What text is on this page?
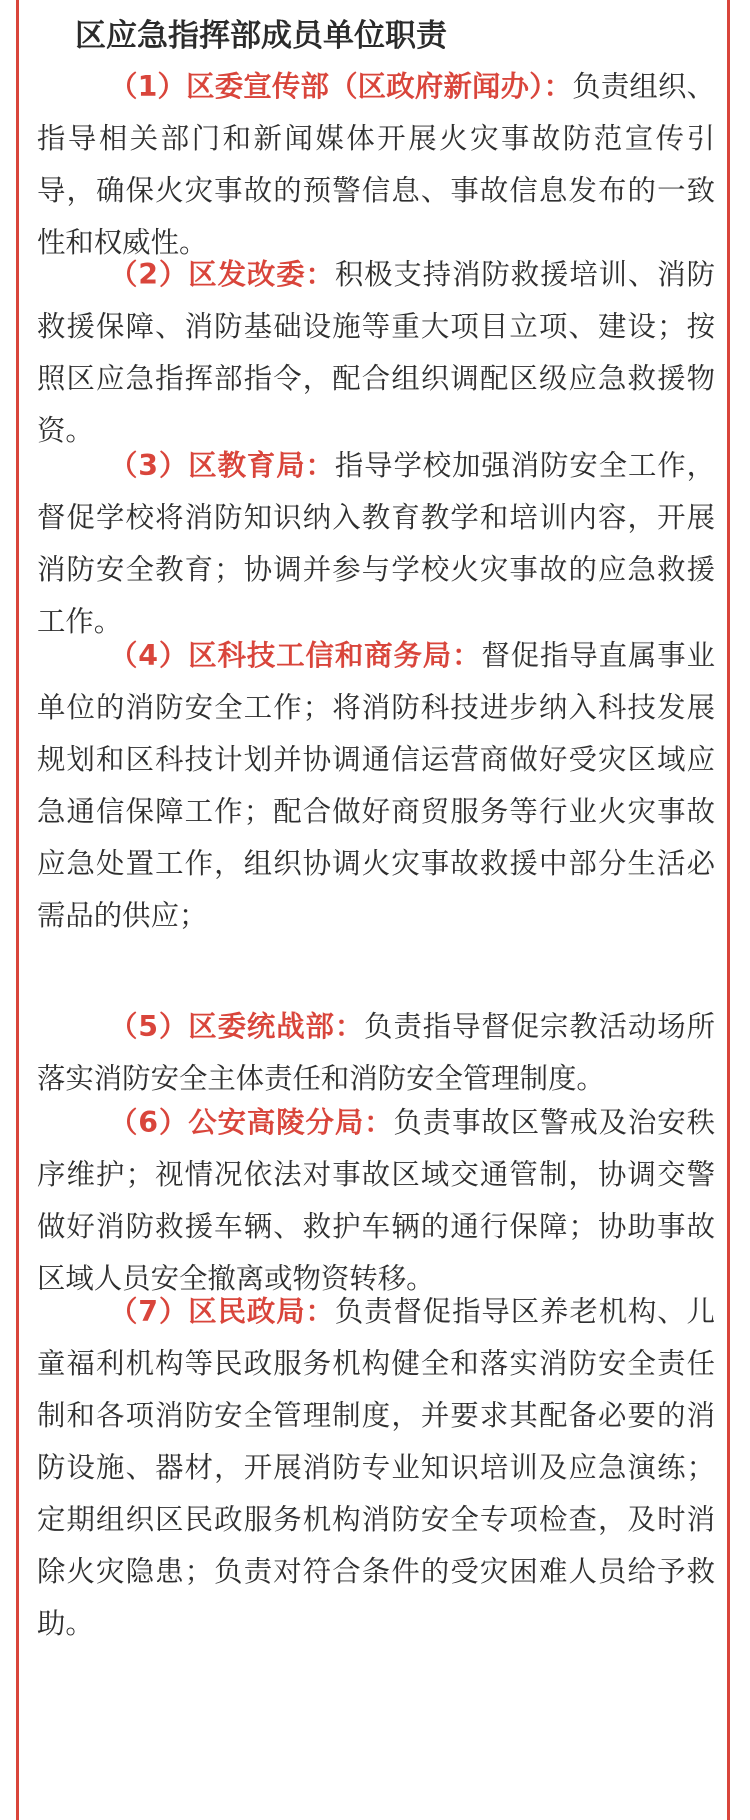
区应急指挥部成员单位职责
（1）区委宣传部（区政府新闻办）：负责组织、指导相关部门和新闻媒体开展火灾事故防范宣传引导，确保火灾事故的预警信息、事故信息发布的一致性和权威性。
（2）区发改委：积极支持消防救援培训、消防救援保障、消防基础设施等重大项目立项、建设；按照区应急指挥部指令，配合组织调配区级应急救援物资。
（3）区教育局：指导学校加强消防安全工作，督促学校将消防知识纳入教育教学和培训内容，开展消防安全教育；协调并参与学校火灾事故的应急救援工作。
（4）区科技工信和商务局：督促指导直属事业单位的消防安全工作；将消防科技进步纳入科技发展规划和区科技计划并协调通信运营商做好受灾区域应急通信保障工作；配合做好商贸服务等行业火灾事故应急处置工作，组织协调火灾事故救援中部分生活必需品的供应；
（5）区委统战部：负责指导督促宗教活动场所落实消防安全主体责任和消防安全管理制度。
（6）公安高陵分局：负责事故区警戒及治安秩序维护；视情况依法对事故区域交通管制，协调交警做好消防救援车辆、救护车辆的通行保障；协助事故区域人员安全撤离或物资转移。
（7）区民政局：负责督促指导区养老机构、儿童福利机构等民政服务机构健全和落实消防安全责任制和各项消防安全管理制度，并要求其配备必要的消防设施、器材，开展消防专业知识培训及应急演练；定期组织区民政服务机构消防安全专项检查，及时消除火灾隐患；负责对符合条件的受灾困难人员给予救助。
